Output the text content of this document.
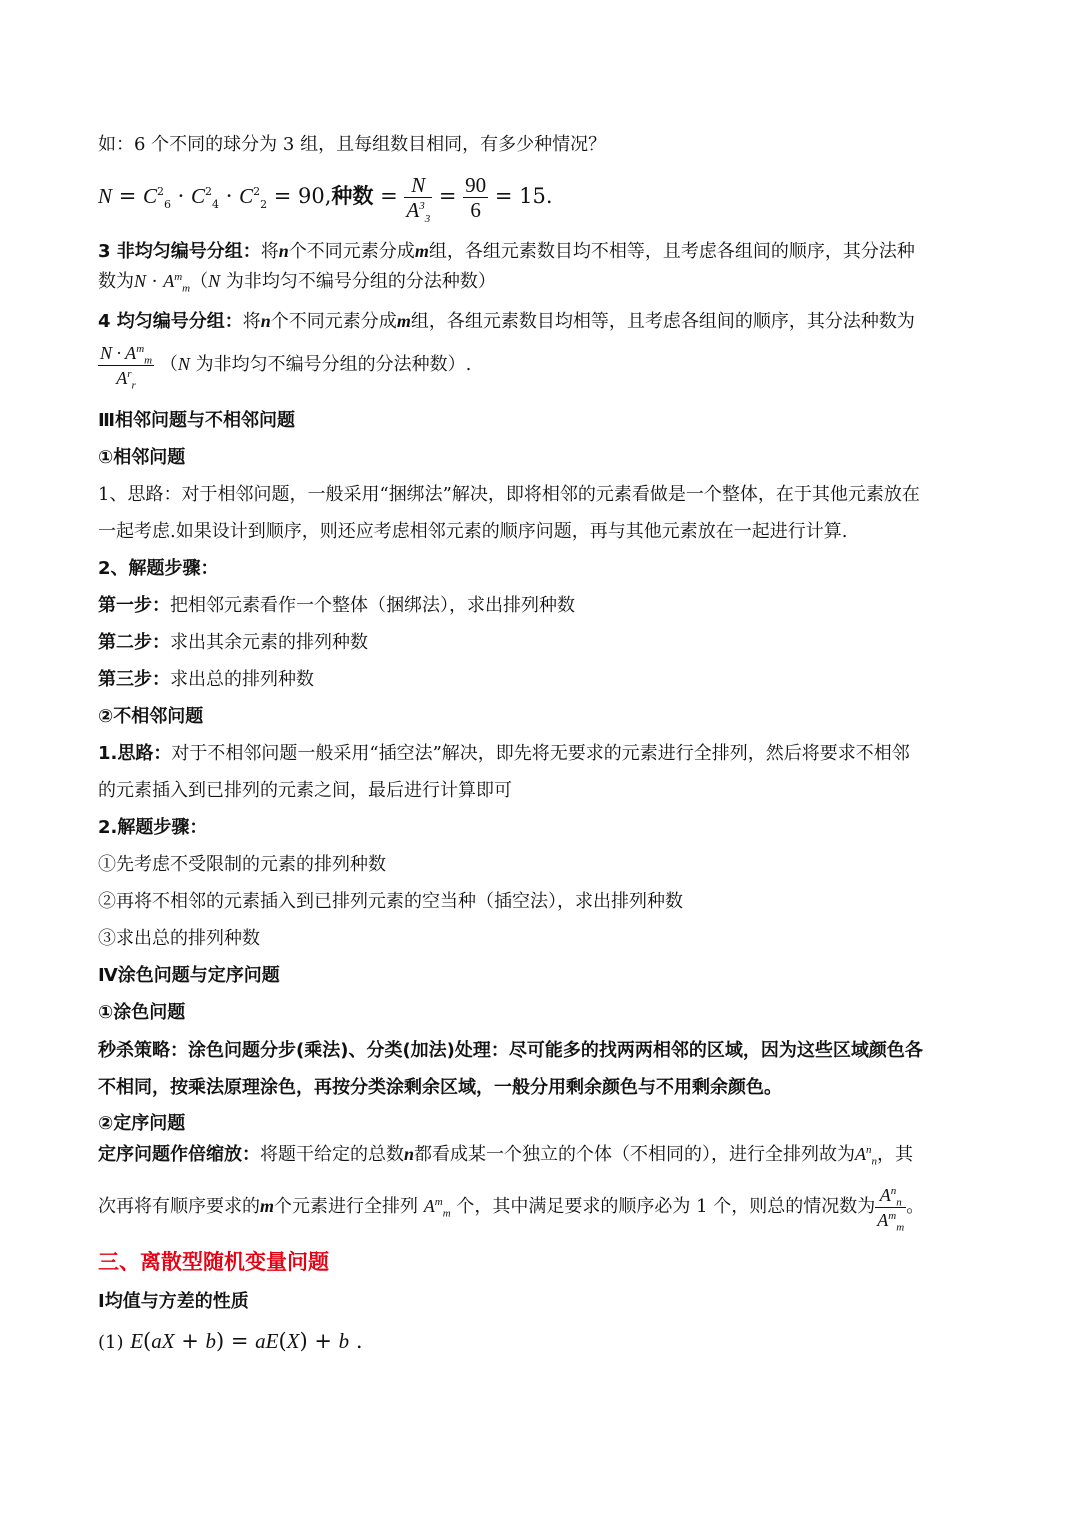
如：6 个不同的球分为 3 组，且每组数目相同，有多少种情况？
$N = C^2_6 \cdot C^2_4 \cdot C^2_2 = 90$,种数 = $\frac{N}{A^3_3} = \frac{90}{6} = 15$.
3 非均匀编号分组：将n个不同元素分成m组，各组元素数目均不相等，且考虑各组间的顺序，其分法种
数为$N \cdot A^m_m(N$ 为非均匀不编号分组的分法种数）
4 均匀编号分组：将n个不同元素分成m组，各组元素数目均相等，且考虑各组间的顺序，其分法种数为
$\frac{N \cdot A^m_m}{A^r_r} (N$ 为非均匀不编号分组的分法种数）.
Ⅲ相邻问题与不相邻问题
①相邻问题
1、思路：对于相邻问题，一般采用“捆绑法”解决，即将相邻的元素看做是一个整体，在于其他元素放在
一起考虑.如果设计到顺序，则还应考虑相邻元素的顺序问题，再与其他元素放在一起进行计算.
2、解题步骤：
第一步：把相邻元素看作一个整体（捆绑法），求出排列种数
第二步：求出其余元素的排列种数
第三步：求出总的排列种数
②不相邻问题
1.思路：对于不相邻问题一般采用“插空法”解决，即先将无要求的元素进行全排列，然后将要求不相邻
的元素插入到已排列的元素之间，最后进行计算即可
2.解题步骤：
①先考虑不受限制的元素的排列种数
②再将不相邻的元素插入到已排列元素的空当种（插空法），求出排列种数
③求出总的排列种数
Ⅳ涂色问题与定序问题
①涂色问题
秒杀策略：涂色问题分步(乘法)、分类(加法)处理：尽可能多的找两两相邻的区域，因为这些区域颜色各
不相同，按乘法原理涂色，再按分类涂剩余区域，一般分用剩余颜色与不用剩余颜色。
②定序问题
定序问题作倍缩放：将题干给定的总数n都看成某一个独立的个体（不相同的），进行全排列故为$A^n_n$，其
次再将有顺序要求的m个元素进行全排列 $A^m_m$ 个，其中满足要求的顺序必为 1 个，则总的情况数为 $\frac{A^n_n}{A^m_m}$ 。
三、离散型随机变量问题
Ⅰ均值与方差的性质
(1) E(aX + b) = aE(X) + b .
